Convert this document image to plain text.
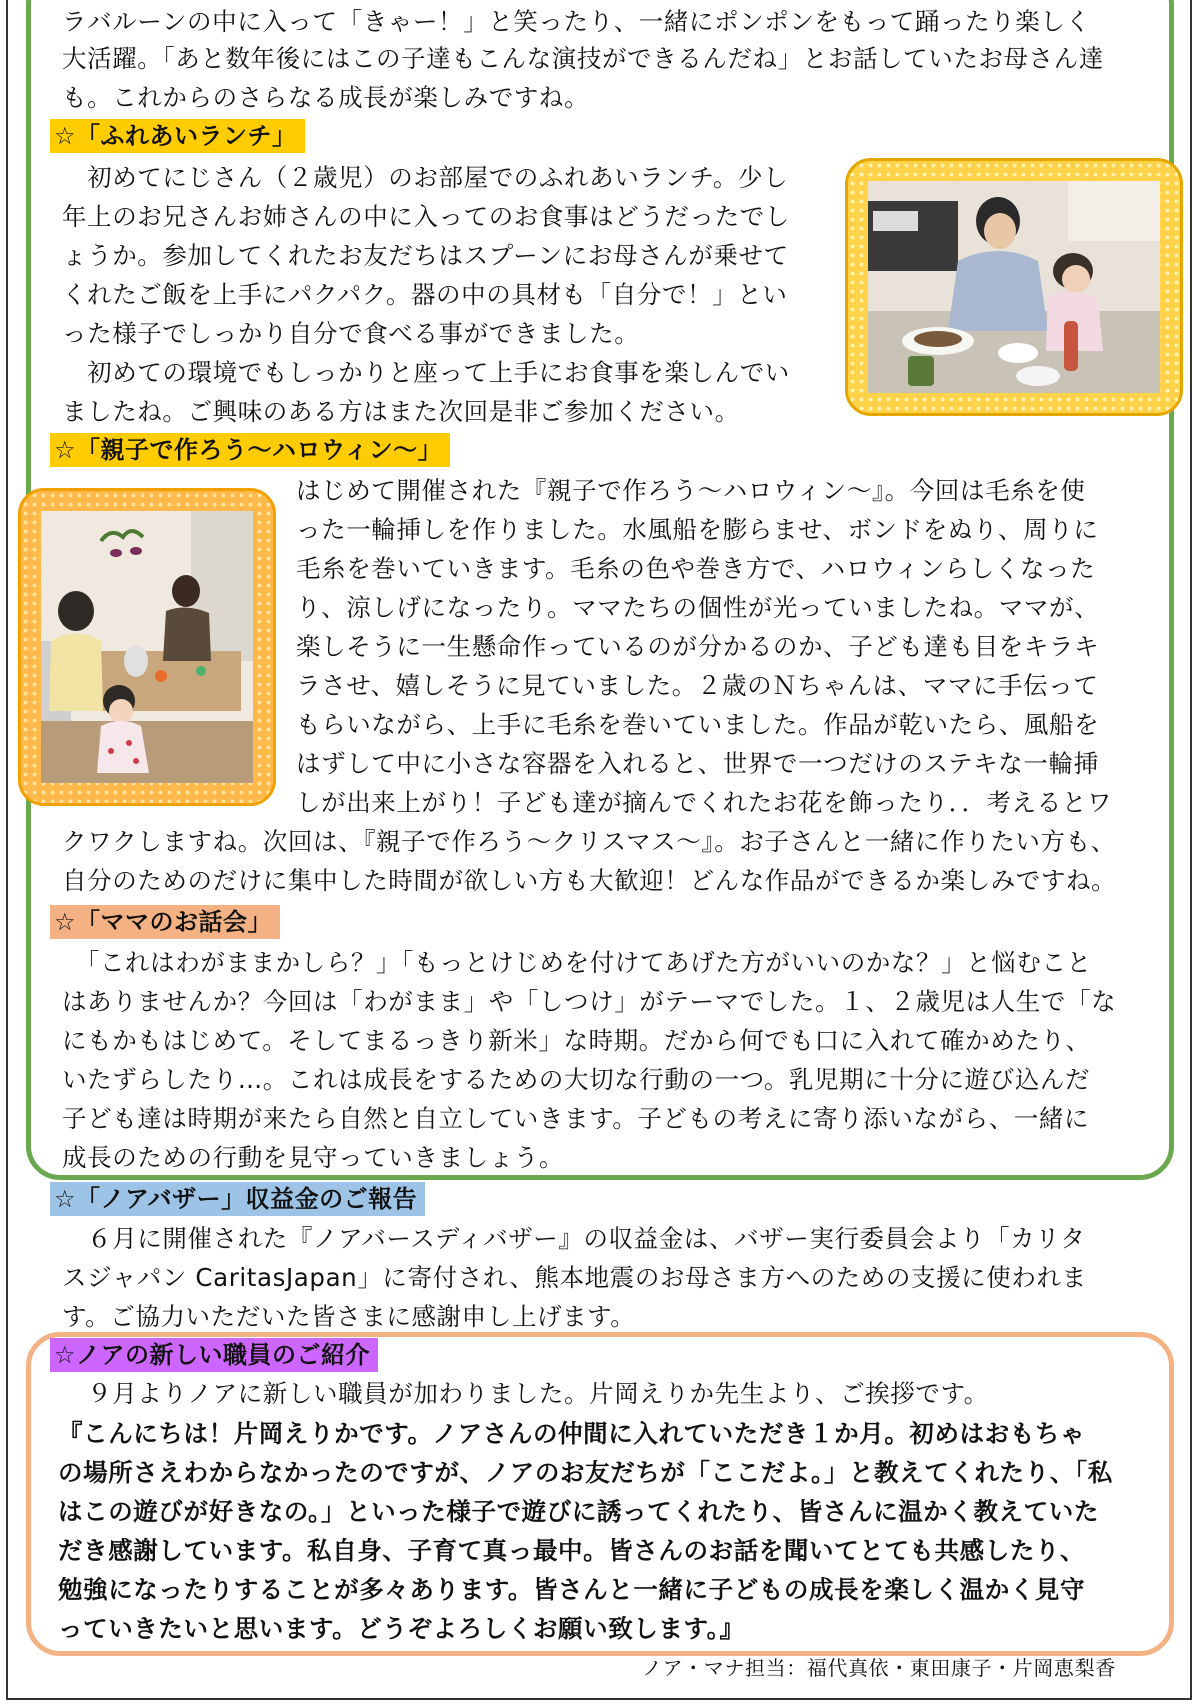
ラバルーンの中に入って「きゃー！」と笑ったり、一緒にポンポンをもって踊ったり楽しく

大活躍。「あと数年後にはこの子達もこんな演技ができるんだね」とお話していたお母さん達

も。これからのさらなる成長が楽しみですね。

☆「ふれあいランチ」

　初めてにじさん（２歳児）のお部屋でのふれあいランチ。少し

年上のお兄さんお姉さんの中に入ってのお食事はどうだったでし

ょうか。参加してくれたお友だちはスプーンにお母さんが乗せて

くれたご飯を上手にパクパク。器の中の具材も「自分で！」とい

った様子でしっかり自分で食べる事ができました。

　初めての環境でもしっかりと座って上手にお食事を楽しんでい

ましたね。ご興味のある方はまた次回是非ご参加ください。

☆「親子で作ろう～ハロウィン～」

はじめて開催された『親子で作ろう～ハロウィン～』。今回は毛糸を使

った一輪挿しを作りました。水風船を膨らませ、ボンドをぬり、周りに

毛糸を巻いていきます。毛糸の色や巻き方で、ハロウィンらしくなった

り、涼しげになったり。ママたちの個性が光っていましたね。ママが、

楽しそうに一生懸命作っているのが分かるのか、子ども達も目をキラキ

ラさせ、嬉しそうに見ていました。２歳のＮちゃんは、ママに手伝って

もらいながら、上手に毛糸を巻いていました。作品が乾いたら、風船を

はずして中に小さな容器を入れると、世界で一つだけのステキな一輪挿

しが出来上がり！子ども達が摘んでくれたお花を飾ったり．．考えるとワ

クワクしますね。次回は、『親子で作ろう～クリスマス～』。お子さんと一緒に作りたい方も、

自分のためのだけに集中した時間が欲しい方も大歓迎！どんな作品ができるか楽しみですね。

☆「ママのお話会」

　「これはわがままかしら？」「もっとけじめを付けてあげた方がいいのかな？」と悩むこと

はありませんか？今回は「わがまま」や「しつけ」がテーマでした。１、２歳児は人生で「な

にもかもはじめて。そしてまるっきり新米」な時期。だから何でも口に入れて確かめたり、

いたずらしたり…。これは成長をするための大切な行動の一つ。乳児期に十分に遊び込んだ

子ども達は時期が来たら自然と自立していきます。子どもの考えに寄り添いながら、一緒に

成長のための行動を見守っていきましょう。

☆「ノアバザー」収益金のご報告

　６月に開催された『ノアバースディバザー』の収益金は、バザー実行委員会より「カリタ

スジャパン CaritasJapan」に寄付され、熊本地震のお母さま方へのための支援に使われま

す。ご協力いただいた皆さまに感謝申し上げます。

☆ノアの新しい職員のご紹介

　９月よりノアに新しい職員が加わりました。片岡えりか先生より、ご挨拶です。

『こんにちは！片岡えりかです。ノアさんの仲間に入れていただき１か月。初めはおもちゃ

の場所さえわからなかったのですが、ノアのお友だちが「ここだよ。」と教えてくれたり、「私

はこの遊びが好きなの。」といった様子で遊びに誘ってくれたり、皆さんに温かく教えていた

だき感謝しています。私自身、子育て真っ最中。皆さんのお話を聞いてとても共感したり、

勉強になったりすることが多々あります。皆さんと一緒に子どもの成長を楽しく温かく見守

っていきたいと思います。どうぞよろしくお願い致します。』

ノア・マナ担当：福代真依・東田康子・片岡恵梨香
